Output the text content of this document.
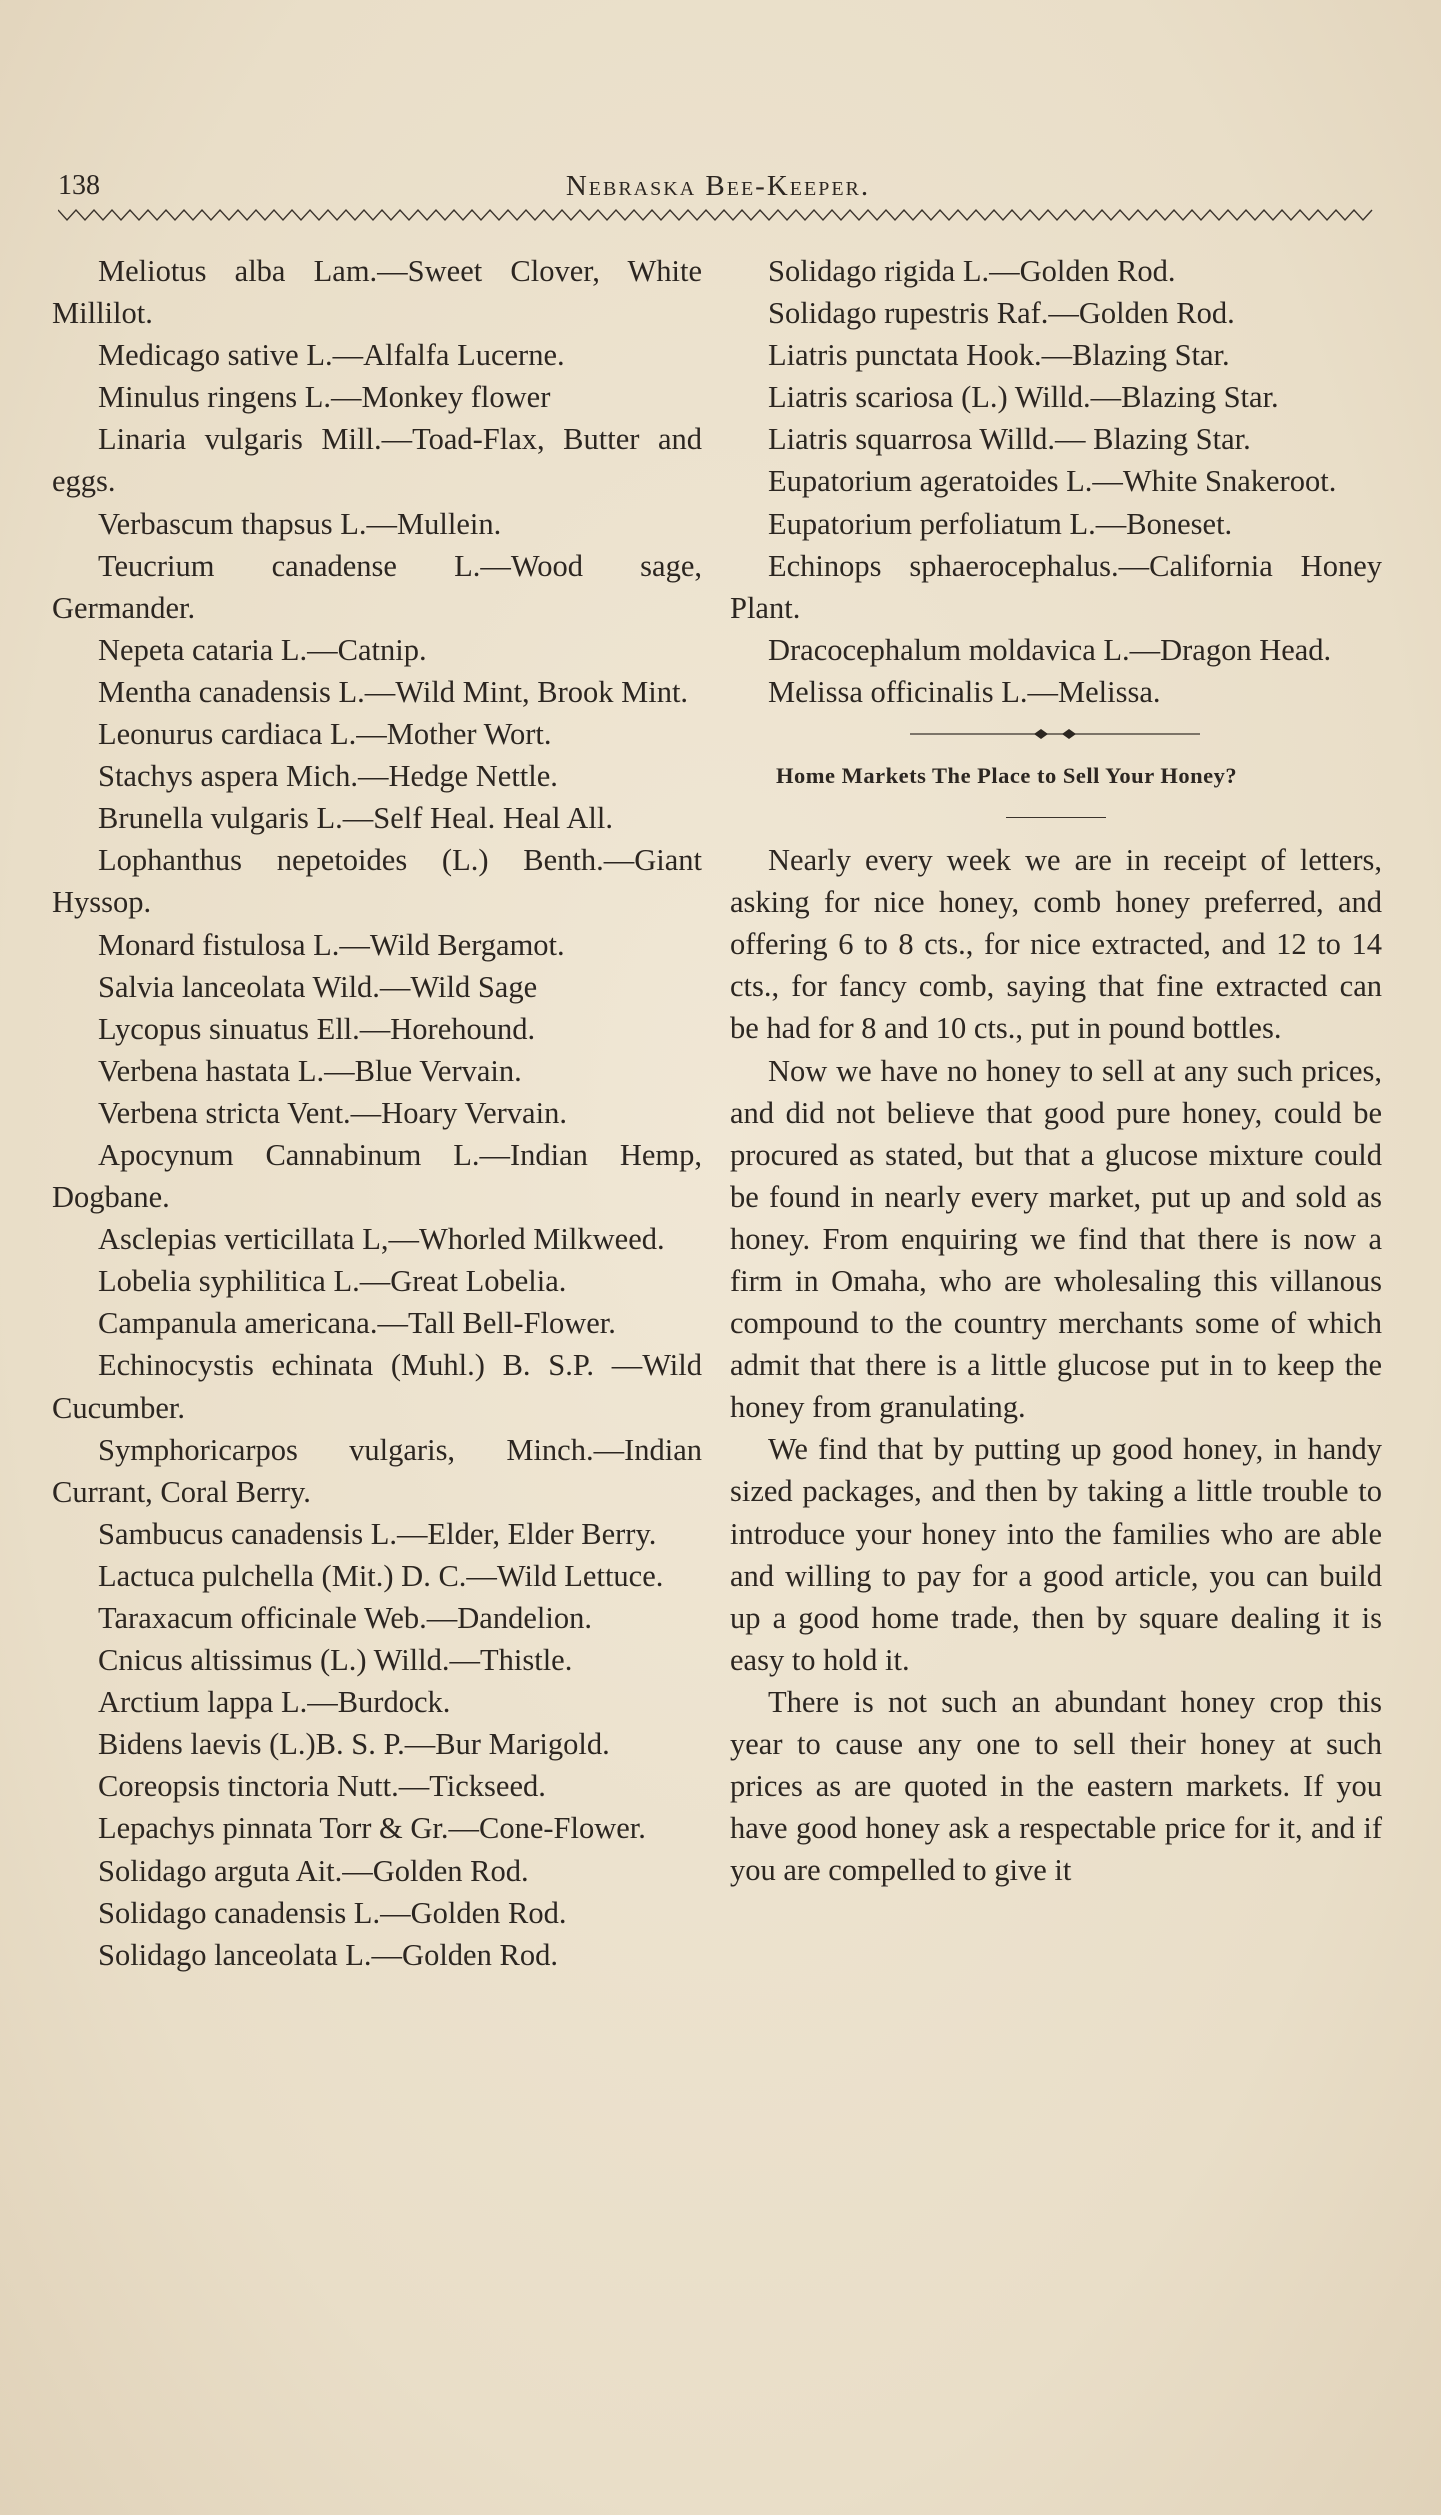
138	Nebraska Bee-Keeper.

Meliotus alba Lam.—Sweet Clover, White Millilot.

Medicago sative L.—Alfalfa Lucerne.

Minulus ringens L.—Monkey flower

Linaria vulgaris Mill.—Toad-Flax, Butter and eggs.

Verbascum thapsus L.—Mullein.

Teucrium canadense L.—Wood sage, Germander.

Nepeta cataria L.—Catnip.

Mentha canadensis L.—Wild Mint, Brook Mint.

Leonurus cardiaca L.—Mother Wort.

Stachys aspera Mich.—Hedge Nettle.

Brunella vulgaris L.—Self Heal. Heal All.

Lophanthus nepetoides (L.) Benth.—Giant Hyssop.

Monard fistulosa L.—Wild Bergamot.

Salvia lanceolata Wild.—Wild Sage

Lycopus sinuatus Ell.—Horehound.

Verbena hastata L.—Blue Vervain.

Verbena stricta Vent.—Hoary Vervain.

Apocynum Cannabinum L.—Indian Hemp, Dogbane.

Asclepias verticillata L,—Whorled Milkweed.

Lobelia syphilitica L.—Great Lobelia.

Campanula americana.—Tall Bell-Flower.

Echinocystis echinata (Muhl.) B. S.P. —Wild Cucumber.

Symphoricarpos vulgaris, Minch.—Indian Currant, Coral Berry.

Sambucus canadensis L.—Elder, Elder Berry.

Lactuca pulchella (Mit.) D. C.—Wild Lettuce.

Taraxacum officinale Web.—Dandelion.

Cnicus altissimus (L.) Willd.—Thistle.

Arctium lappa L.—Burdock.

Bidens laevis (L.)B. S. P.—Bur Marigold.

Coreopsis tinctoria Nutt.—Tickseed.

Lepachys pinnata Torr & Gr.—Cone-Flower.

Solidago arguta Ait.—Golden Rod.

Solidago canadensis L.—Golden Rod.

Solidago lanceolata L.—Golden Rod.

Solidago rigida L.—Golden Rod.

Solidago rupestris Raf.—Golden Rod.

Liatris punctata Hook.—Blazing Star.

Liatris scariosa (L.) Willd.—Blazing Star.

Liatris squarrosa Willd.— Blazing Star.

Eupatorium ageratoides L.—White Snakeroot.

Eupatorium perfoliatum L.—Boneset.

Echinops sphaerocephalus.—California Honey Plant.

Dracocephalum moldavica L.—Dragon Head.

Melissa officinalis L.—Melissa.

Home Markets The Place to Sell Your Honey?

Nearly every week we are in receipt of letters, asking for nice honey, comb honey preferred, and offering 6 to 8 cts., for nice extracted, and 12 to 14 cts., for fancy comb, saying that fine extracted can be had for 8 and 10 cts., put in pound bottles.

Now we have no honey to sell at any such prices, and did not believe that good pure honey, could be procured as stated, but that a glucose mixture could be found in nearly every market, put up and sold as honey. From enquiring we find that there is now a firm in Omaha, who are wholesaling this villanous compound to the country merchants some of which admit that there is a little glucose put in to keep the honey from granulating.

We find that by putting up good honey, in handy sized packages, and then by taking a little trouble to introduce your honey into the families who are able and willing to pay for a good article, you can build up a good home trade, then by square dealing it is easy to hold it.

There is not such an abundant honey crop this year to cause any one to sell their honey at such prices as are quoted in the eastern markets. If you have good honey ask a respectable price for it, and if you are compelled to give it
